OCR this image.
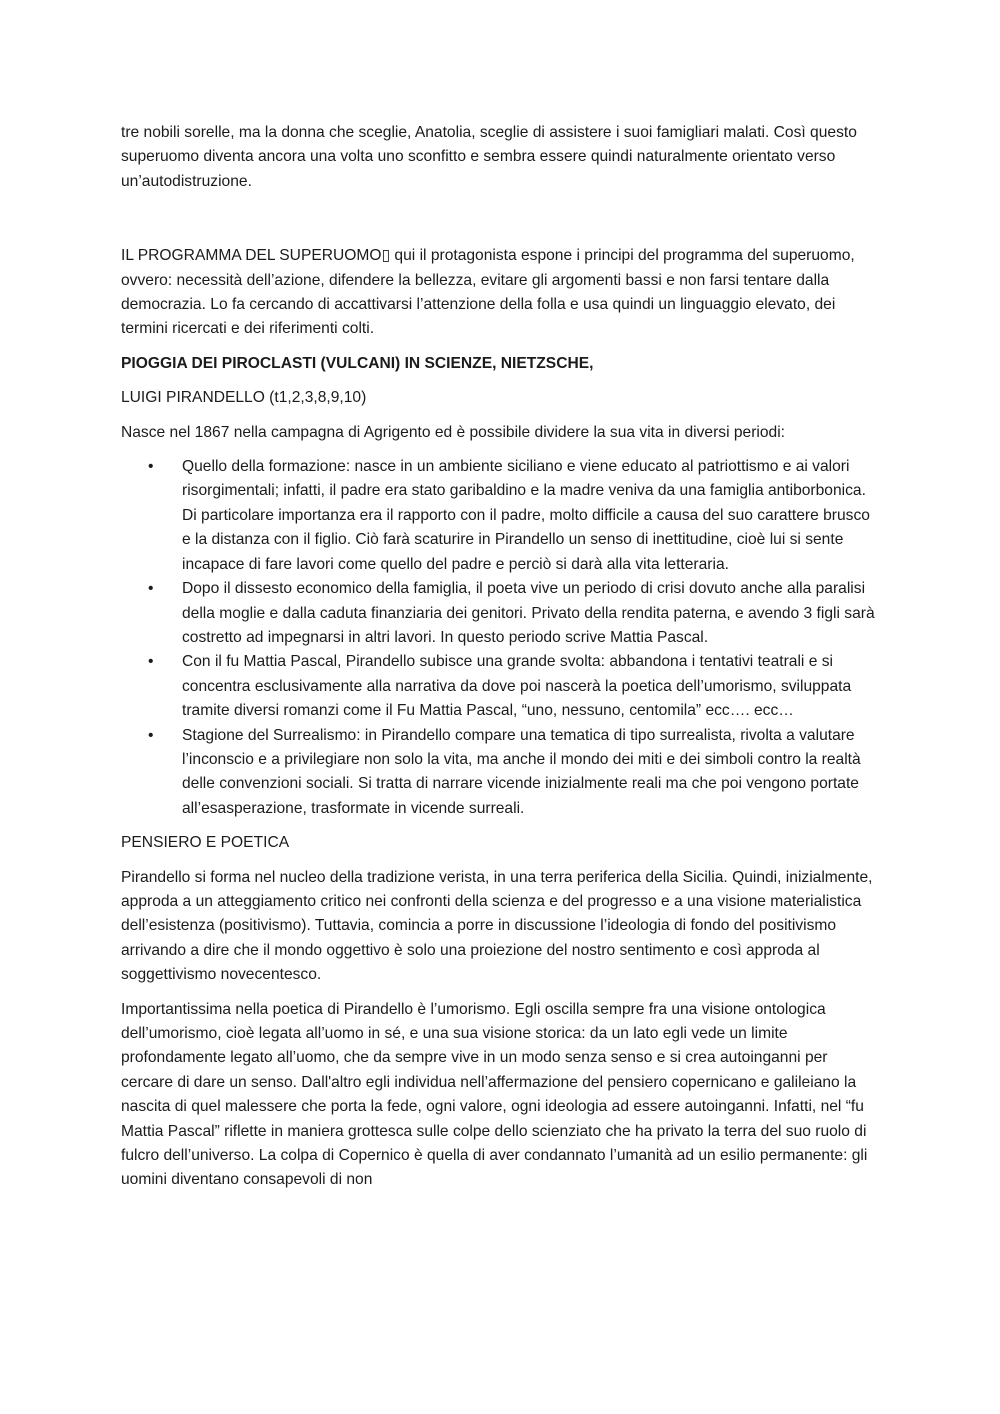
tre nobili sorelle, ma la donna che sceglie, Anatolia, sceglie di assistere i suoi famigliari malati. Così questo superuomo diventa ancora una volta uno sconfitto e sembra essere quindi naturalmente orientato verso un’autodistruzione.

IL PROGRAMMA DEL SUPERUOMO▯ qui il protagonista espone i principi del programma del superuomo, ovvero: necessità dell’azione, difendere la bellezza, evitare gli argomenti bassi e non farsi tentare dalla democrazia. Lo fa cercando di accattivarsi l’attenzione della folla e usa quindi un linguaggio elevato, dei termini ricercati e dei riferimenti colti.

PIOGGIA DEI PIROCLASTI (VULCANI) IN SCIENZE, NIETZSCHE,

LUIGI PIRANDELLO (t1,2,3,8,9,10)

Nasce nel 1867 nella campagna di Agrigento ed è possibile dividere la sua vita in diversi periodi:

• Quello della formazione: nasce in un ambiente siciliano e viene educato al patriottismo e ai valori risorgimentali; infatti, il padre era stato garibaldino e la madre veniva da una famiglia antiborbonica. Di particolare importanza era il rapporto con il padre, molto difficile a causa del suo carattere brusco e la distanza con il figlio. Ciò farà scaturire in Pirandello un senso di inettitudine, cioè lui si sente incapace di fare lavori come quello del padre e perciò si darà alla vita letteraria.
• Dopo il dissesto economico della famiglia, il poeta vive un periodo di crisi dovuto anche alla paralisi della moglie e dalla caduta finanziaria dei genitori. Privato della rendita paterna, e avendo 3 figli sarà costretto ad impegnarsi in altri lavori. In questo periodo scrive Mattia Pascal.
• Con il fu Mattia Pascal, Pirandello subisce una grande svolta: abbandona i tentativi teatrali e si concentra esclusivamente alla narrativa da dove poi nascerà la poetica dell’umorismo, sviluppata tramite diversi romanzi come il Fu Mattia Pascal, “uno, nessuno, centomila” ecc…. ecc…
• Stagione del Surrealismo: in Pirandello compare una tematica di tipo surrealista, rivolta a valutare l’inconscio e a privilegiare non solo la vita, ma anche il mondo dei miti e dei simboli contro la realtà delle convenzioni sociali. Si tratta di narrare vicende inizialmente reali ma che poi vengono portate all’esasperazione, trasformate in vicende surreali.

PENSIERO E POETICA

Pirandello si forma nel nucleo della tradizione verista, in una terra periferica della Sicilia. Quindi, inizialmente, approda a un atteggiamento critico nei confronti della scienza e del progresso e a una visione materialistica dell’esistenza (positivismo). Tuttavia, comincia a porre in discussione l’ideologia di fondo del positivismo arrivando a dire che il mondo oggettivo è solo una proiezione del nostro sentimento e così approda al soggettivismo novecentesco.

Importantissima nella poetica di Pirandello è l’umorismo. Egli oscilla sempre fra una visione ontologica dell’umorismo, cioè legata all’uomo in sé, e una sua visione storica: da un lato egli vede un limite profondamente legato all’uomo, che da sempre vive in un modo senza senso e si crea autoinganni per cercare di dare un senso. Dall'altro egli individua nell’affermazione del pensiero copernicano e galileiano la nascita di quel malessere che porta la fede, ogni valore, ogni ideologia ad essere autoinganni. Infatti, nel “fu Mattia Pascal” riflette in maniera grottesca sulle colpe dello scienziato che ha privato la terra del suo ruolo di fulcro dell’universo. La colpa di Copernico è quella di aver condannato l’umanità ad un esilio permanente: gli uomini diventano consapevoli di non
